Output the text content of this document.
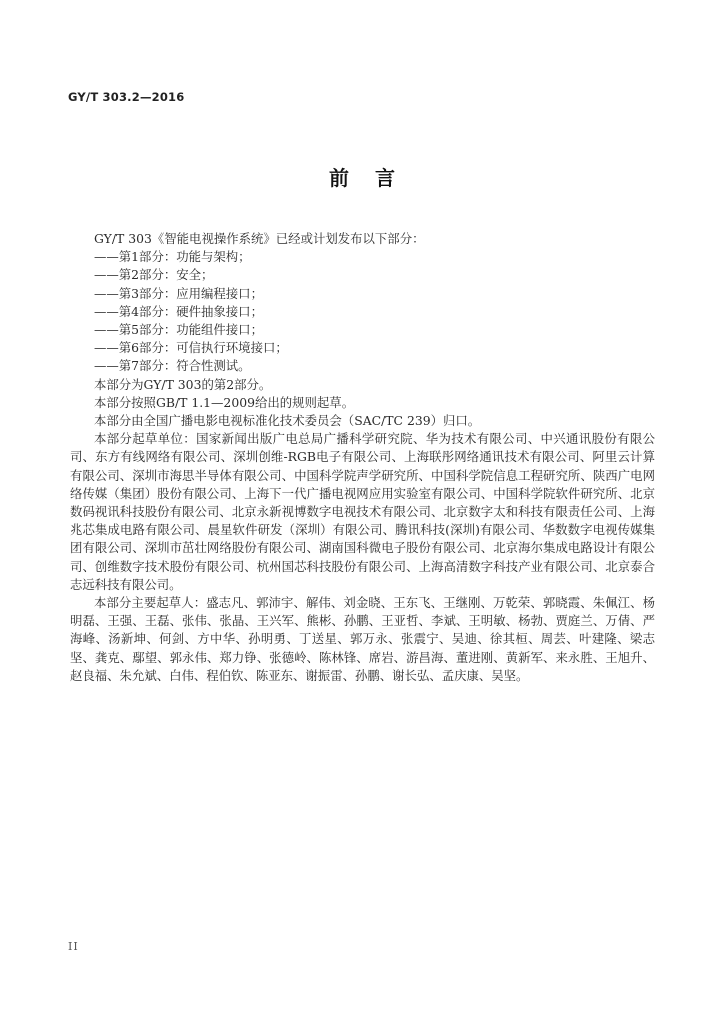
GY/T 303.2—2016
前言

GY/T 303《智能电视操作系统》已经或计划发布以下部分：

——第1部分：功能与架构；
——第2部分：安全；
——第3部分：应用编程接口；
——第4部分：硬件抽象接口；
——第5部分：功能组件接口；
——第6部分：可信执行环境接口；
——第7部分：符合性测试。

本部分为GY/T 303的第2部分。

本部分按照GB/T 1.1—2009给出的规则起草。

本部分由全国广播电影电视标准化技术委员会（SAC/TC 239）归口。

本部分起草单位：国家新闻出版广电总局广播科学研究院、华为技术有限公司、中兴通讯股份有限公司、东方有线网络有限公司、深圳创维-RGB电子有限公司、上海联彤网络通讯技术有限公司、阿里云计算有限公司、深圳市海思半导体有限公司、中国科学院声学研究所、中国科学院信息工程研究所、陕西广电网络传媒（集团）股份有限公司、上海下一代广播电视网应用实验室有限公司、中国科学院软件研究所、北京数码视讯科技股份有限公司、北京永新视博数字电视技术有限公司、北京数字太和科技有限责任公司、上海兆芯集成电路有限公司、晨星软件研发（深圳）有限公司、腾讯科技(深圳)有限公司、华数数字电视传媒集团有限公司、深圳市茁壮网络股份有限公司、湖南国科微电子股份有限公司、北京海尔集成电路设计有限公司、创维数字技术股份有限公司、杭州国芯科技股份有限公司、上海高清数字科技产业有限公司、北京泰合志远科技有限公司。

本部分主要起草人：盛志凡、郭沛宇、解伟、刘金晓、王东飞、王继刚、万乾荣、郭晓霞、朱佩江、杨明磊、王强、王磊、张伟、张晶、王兴军、熊彬、孙鹏、王亚哲、李斌、王明敏、杨勃、贾庭兰、万倩、严海峰、汤新坤、何剑、方中华、孙明勇、丁送星、郭万永、张震宁、吴迪、徐其桓、周芸、叶建隆、梁志坚、龚克、鄢望、郭永伟、郑力铮、张德岭、陈林锋、席岩、游昌海、董进刚、黄新军、来永胜、王旭升、赵良福、朱允斌、白伟、程伯钦、陈亚东、谢振雷、孙鹏、谢长弘、孟庆康、吴坚。

II
